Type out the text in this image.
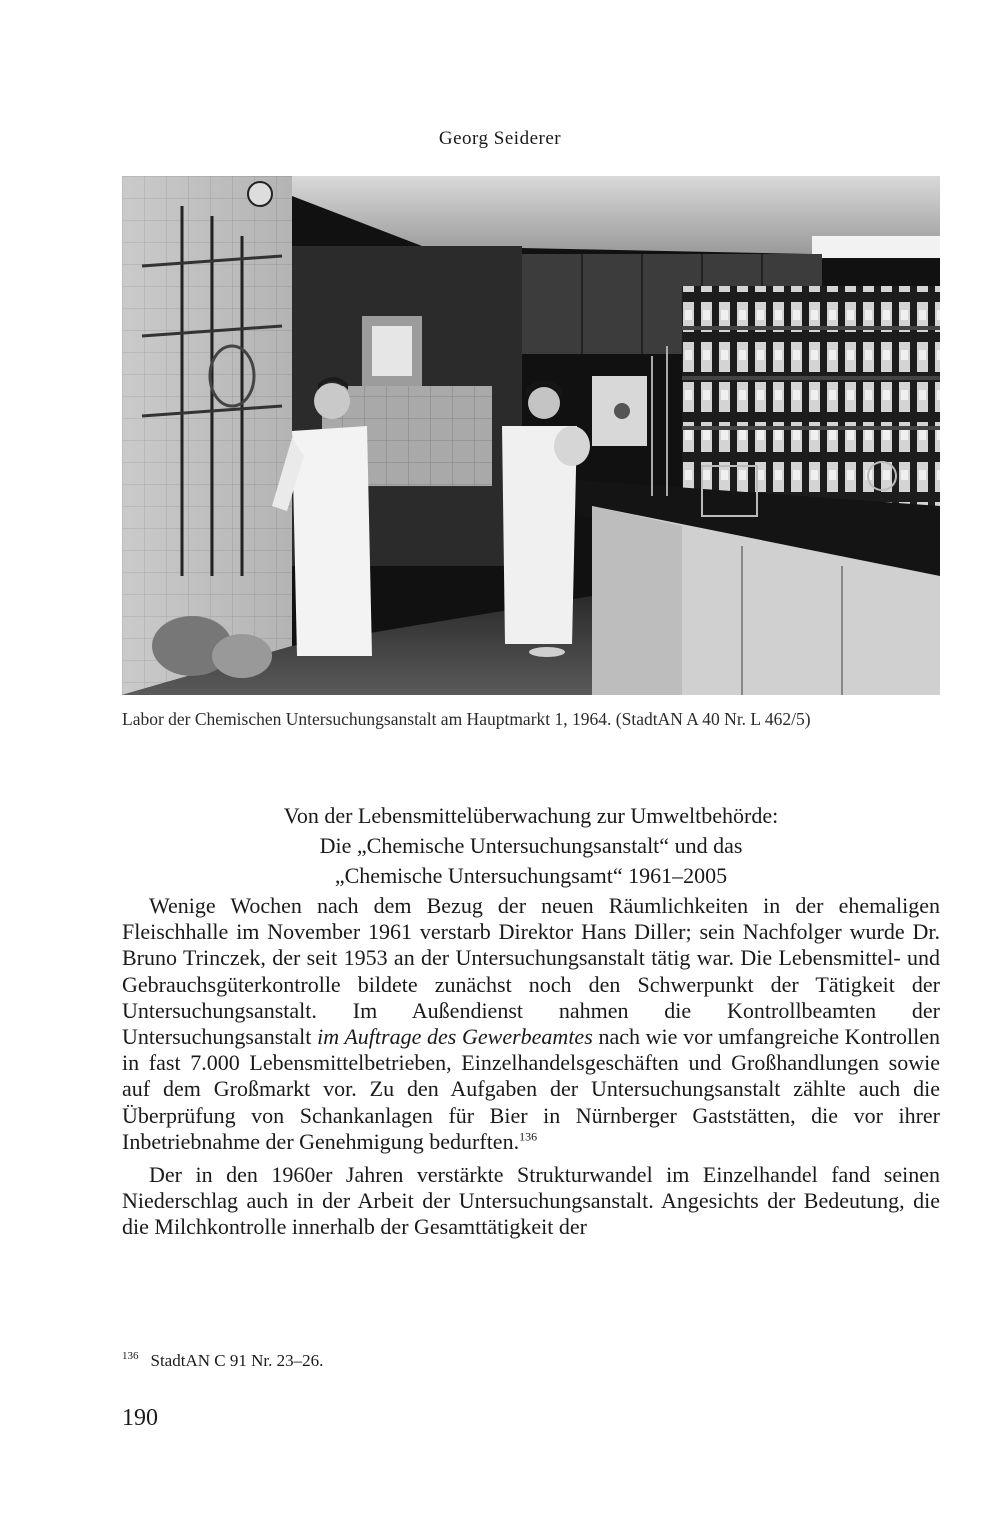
Georg Seiderer
Labor der Chemischen Untersuchungsanstalt am Hauptmarkt 1, 1964. (StadtAN A 40 Nr. L 462/5)
Von der Lebensmittelüberwachung zur Umweltbehörde:
Die „Chemische Untersuchungsanstalt“ und das
„Chemische Untersuchungsamt“ 1961–2005

Wenige Wochen nach dem Bezug der neuen Räumlichkeiten in der ehemaligen Fleischhalle im November 1961 verstarb Direktor Hans Diller; sein Nachfolger wurde Dr. Bruno Trinczek, der seit 1953 an der Untersuchungsanstalt tätig war. Die Lebensmittel- und Gebrauchsgüterkontrolle bildete zunächst noch den Schwerpunkt der Tätigkeit der Untersuchungsanstalt. Im Außendienst nahmen die Kontrollbeamten der Untersuchungsanstalt im Auftrage des Gewerbeamtes nach wie vor umfangreiche Kontrollen in fast 7.000 Lebensmittelbetrieben, Einzelhandelsgeschäften und Großhandlungen sowie auf dem Großmarkt vor. Zu den Aufgaben der Untersuchungsanstalt zählte auch die Überprüfung von Schankanlagen für Bier in Nürnberger Gaststätten, die vor ihrer Inbetriebnahme der Genehmigung bedurften.$^{136}$

Der in den 1960er Jahren verstärkte Strukturwandel im Einzelhandel fand seinen Niederschlag auch in der Arbeit der Untersuchungsanstalt. Angesichts der Bedeutung, die die Milchkontrolle innerhalb der Gesamttätigkeit der

$^{136}$ StadtAN C 91 Nr. 23–26.
190
